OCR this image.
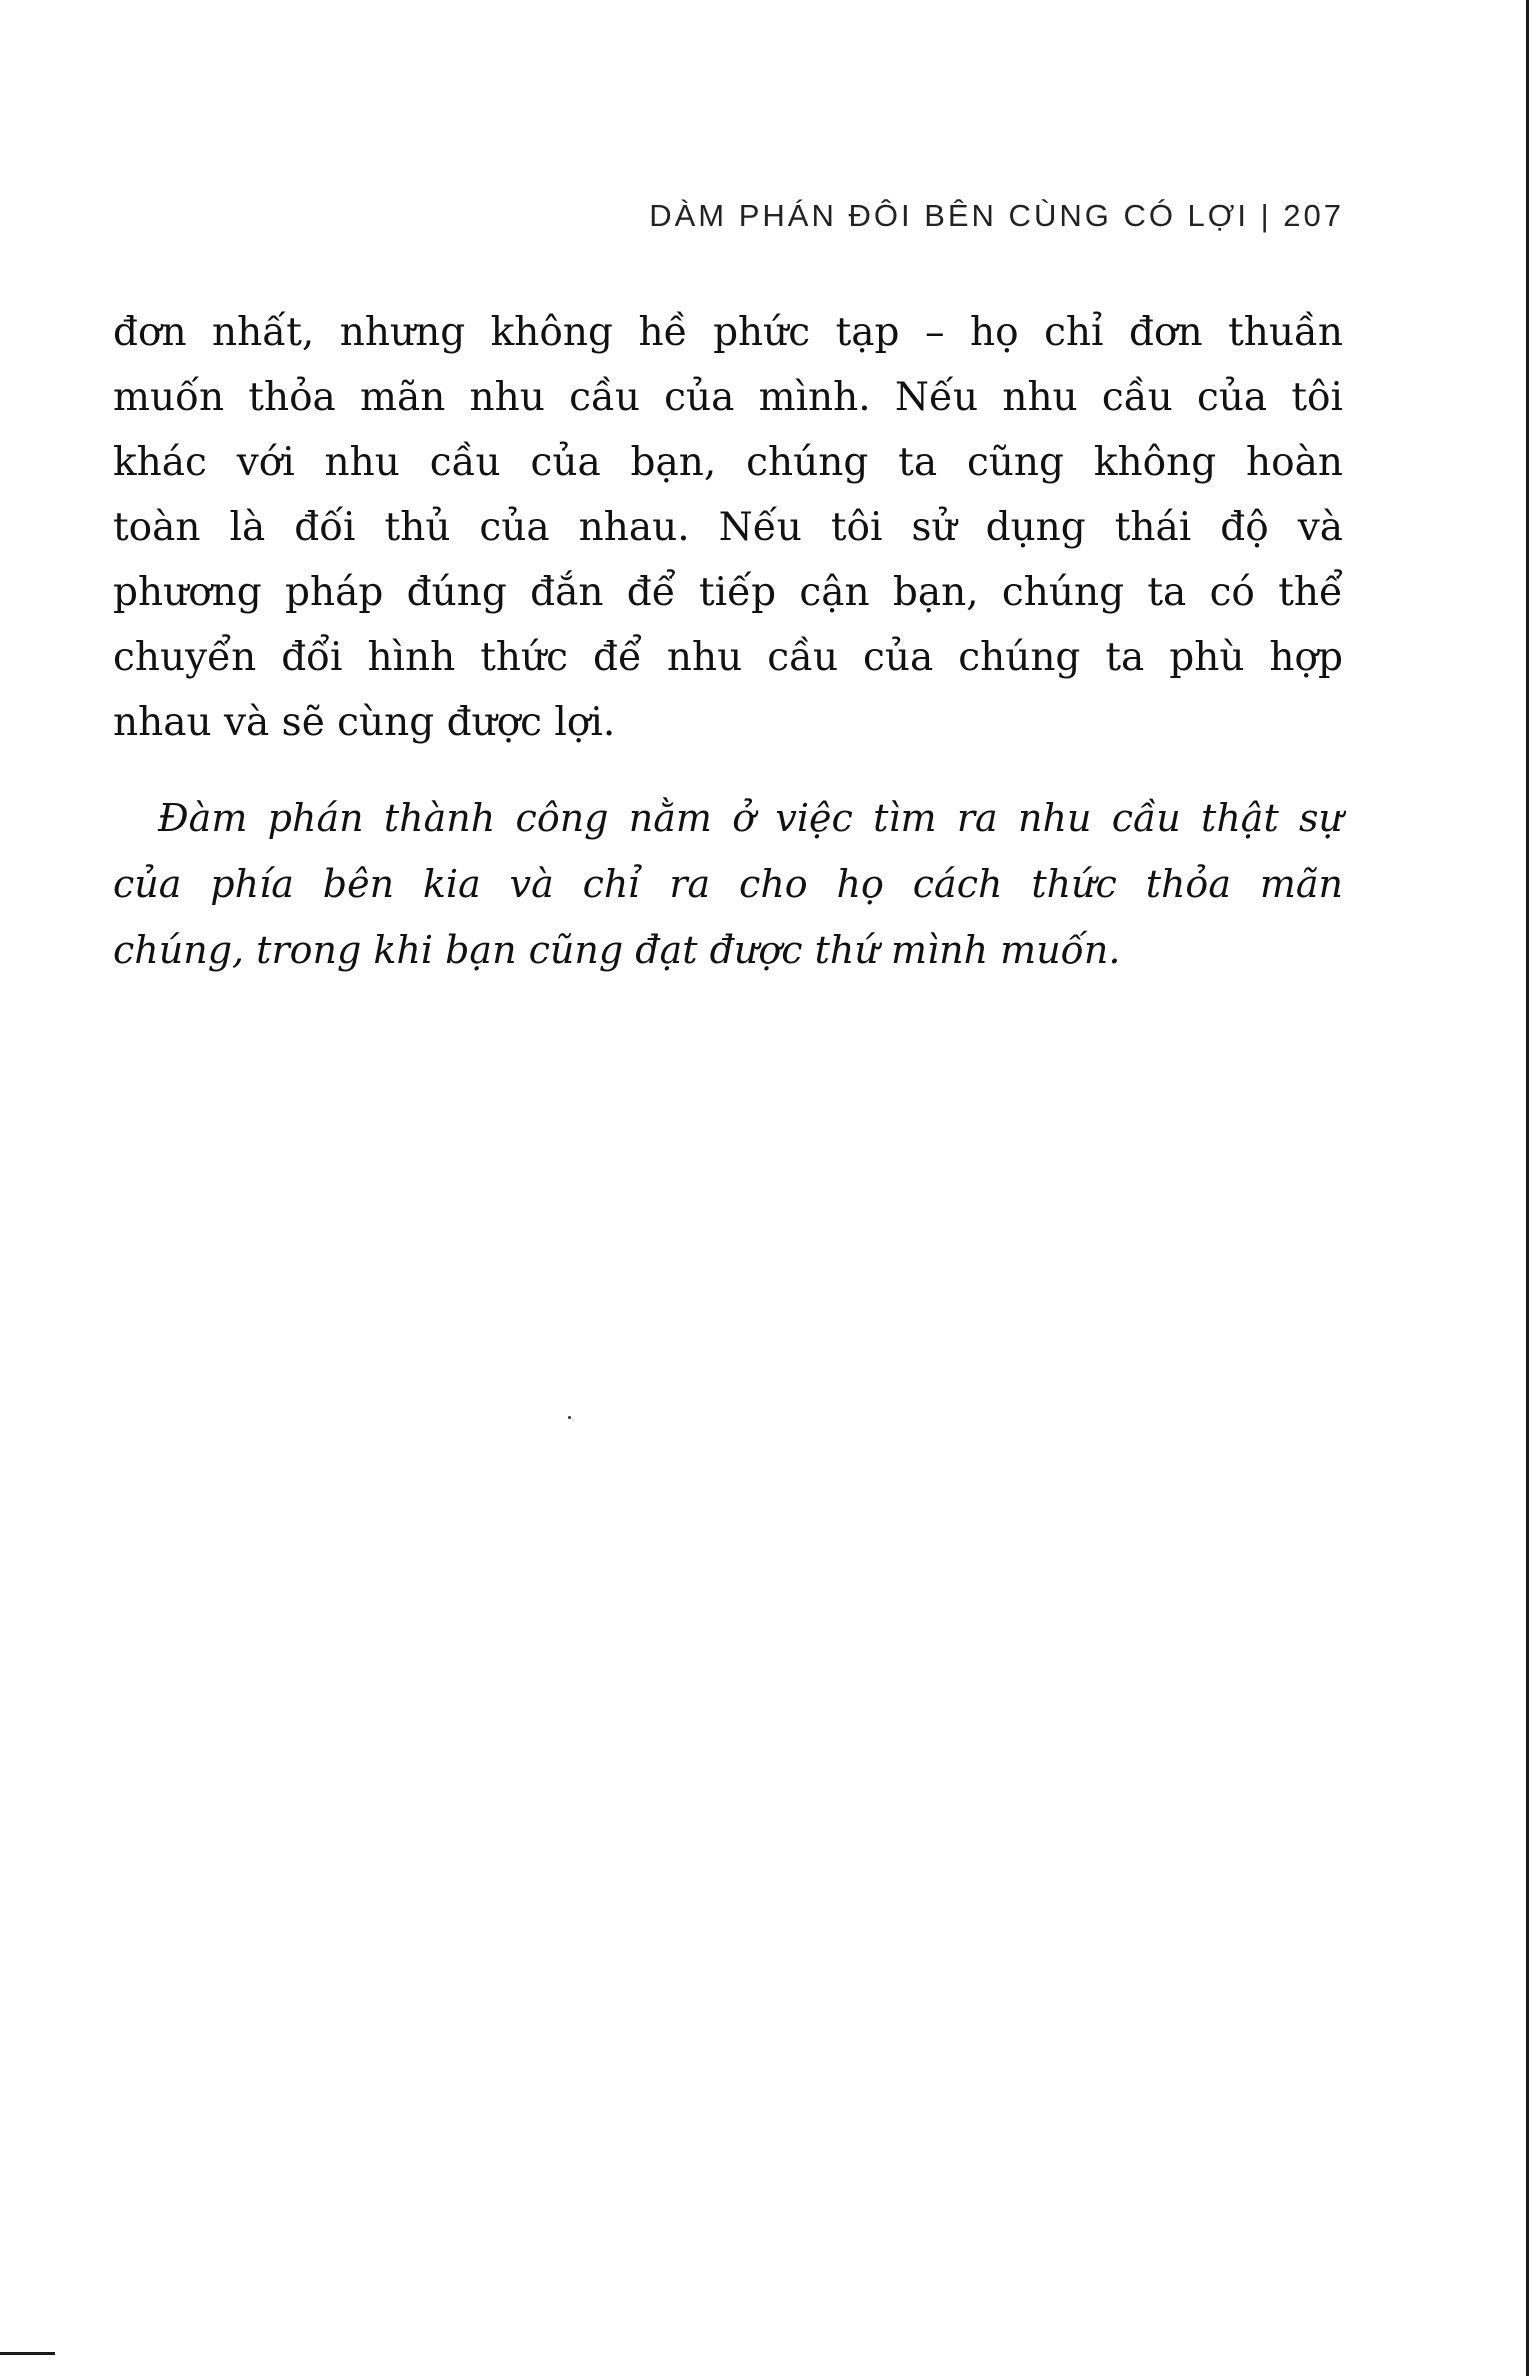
DÀM PHÁN ĐÔI BÊN CÙNG CÓ LỢI | 207

đơn nhất, nhưng không hề phức tạp – họ chỉ đơn thuần
muốn thỏa mãn nhu cầu của mình. Nếu nhu cầu của tôi
khác với nhu cầu của bạn, chúng ta cũng không hoàn
toàn là đối thủ của nhau. Nếu tôi sử dụng thái độ và
phương pháp đúng đắn để tiếp cận bạn, chúng ta có thể
chuyển đổi hình thức để nhu cầu của chúng ta phù hợp
nhau và sẽ cùng được lợi.

Đàm phán thành công nằm ở việc tìm ra nhu cầu thật sự
của phía bên kia và chỉ ra cho họ cách thức thỏa mãn
chúng, trong khi bạn cũng đạt được thứ mình muốn.
